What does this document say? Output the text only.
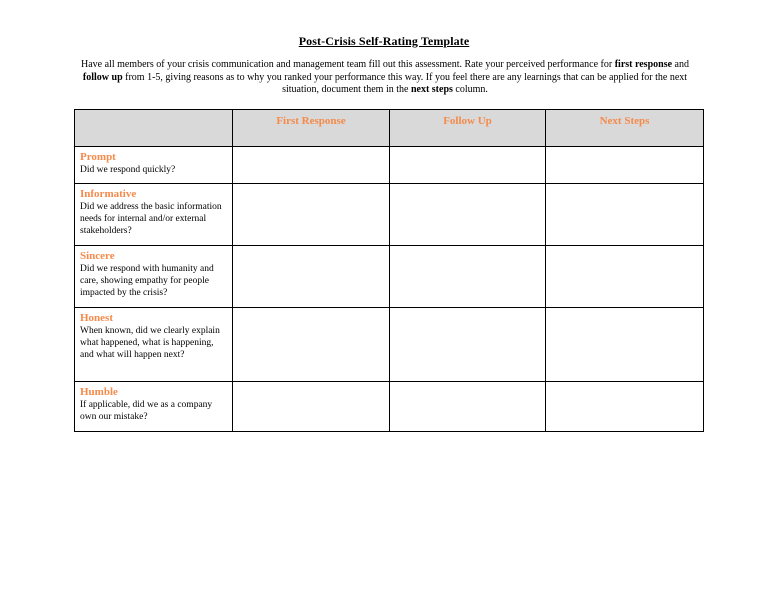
Post-Crisis Self-Rating Template
Have all members of your crisis communication and management team fill out this assessment. Rate your perceived performance for first response and follow up from 1-5, giving reasons as to why you ranked your performance this way. If you feel there are any learnings that can be applied for the next situation, document them in the next steps column.
	First Response	Follow Up	Next Steps

Prompt
Did we respond quickly?			

Informative
Did we address the basic information needs for internal and/or external stakeholders?			

Sincere
Did we respond with humanity and care, showing empathy for people impacted by the crisis?			

Honest
When known, did we clearly explain what happened, what is happening, and what will happen next?			

Humble
If applicable, did we as a company own our mistake?			
